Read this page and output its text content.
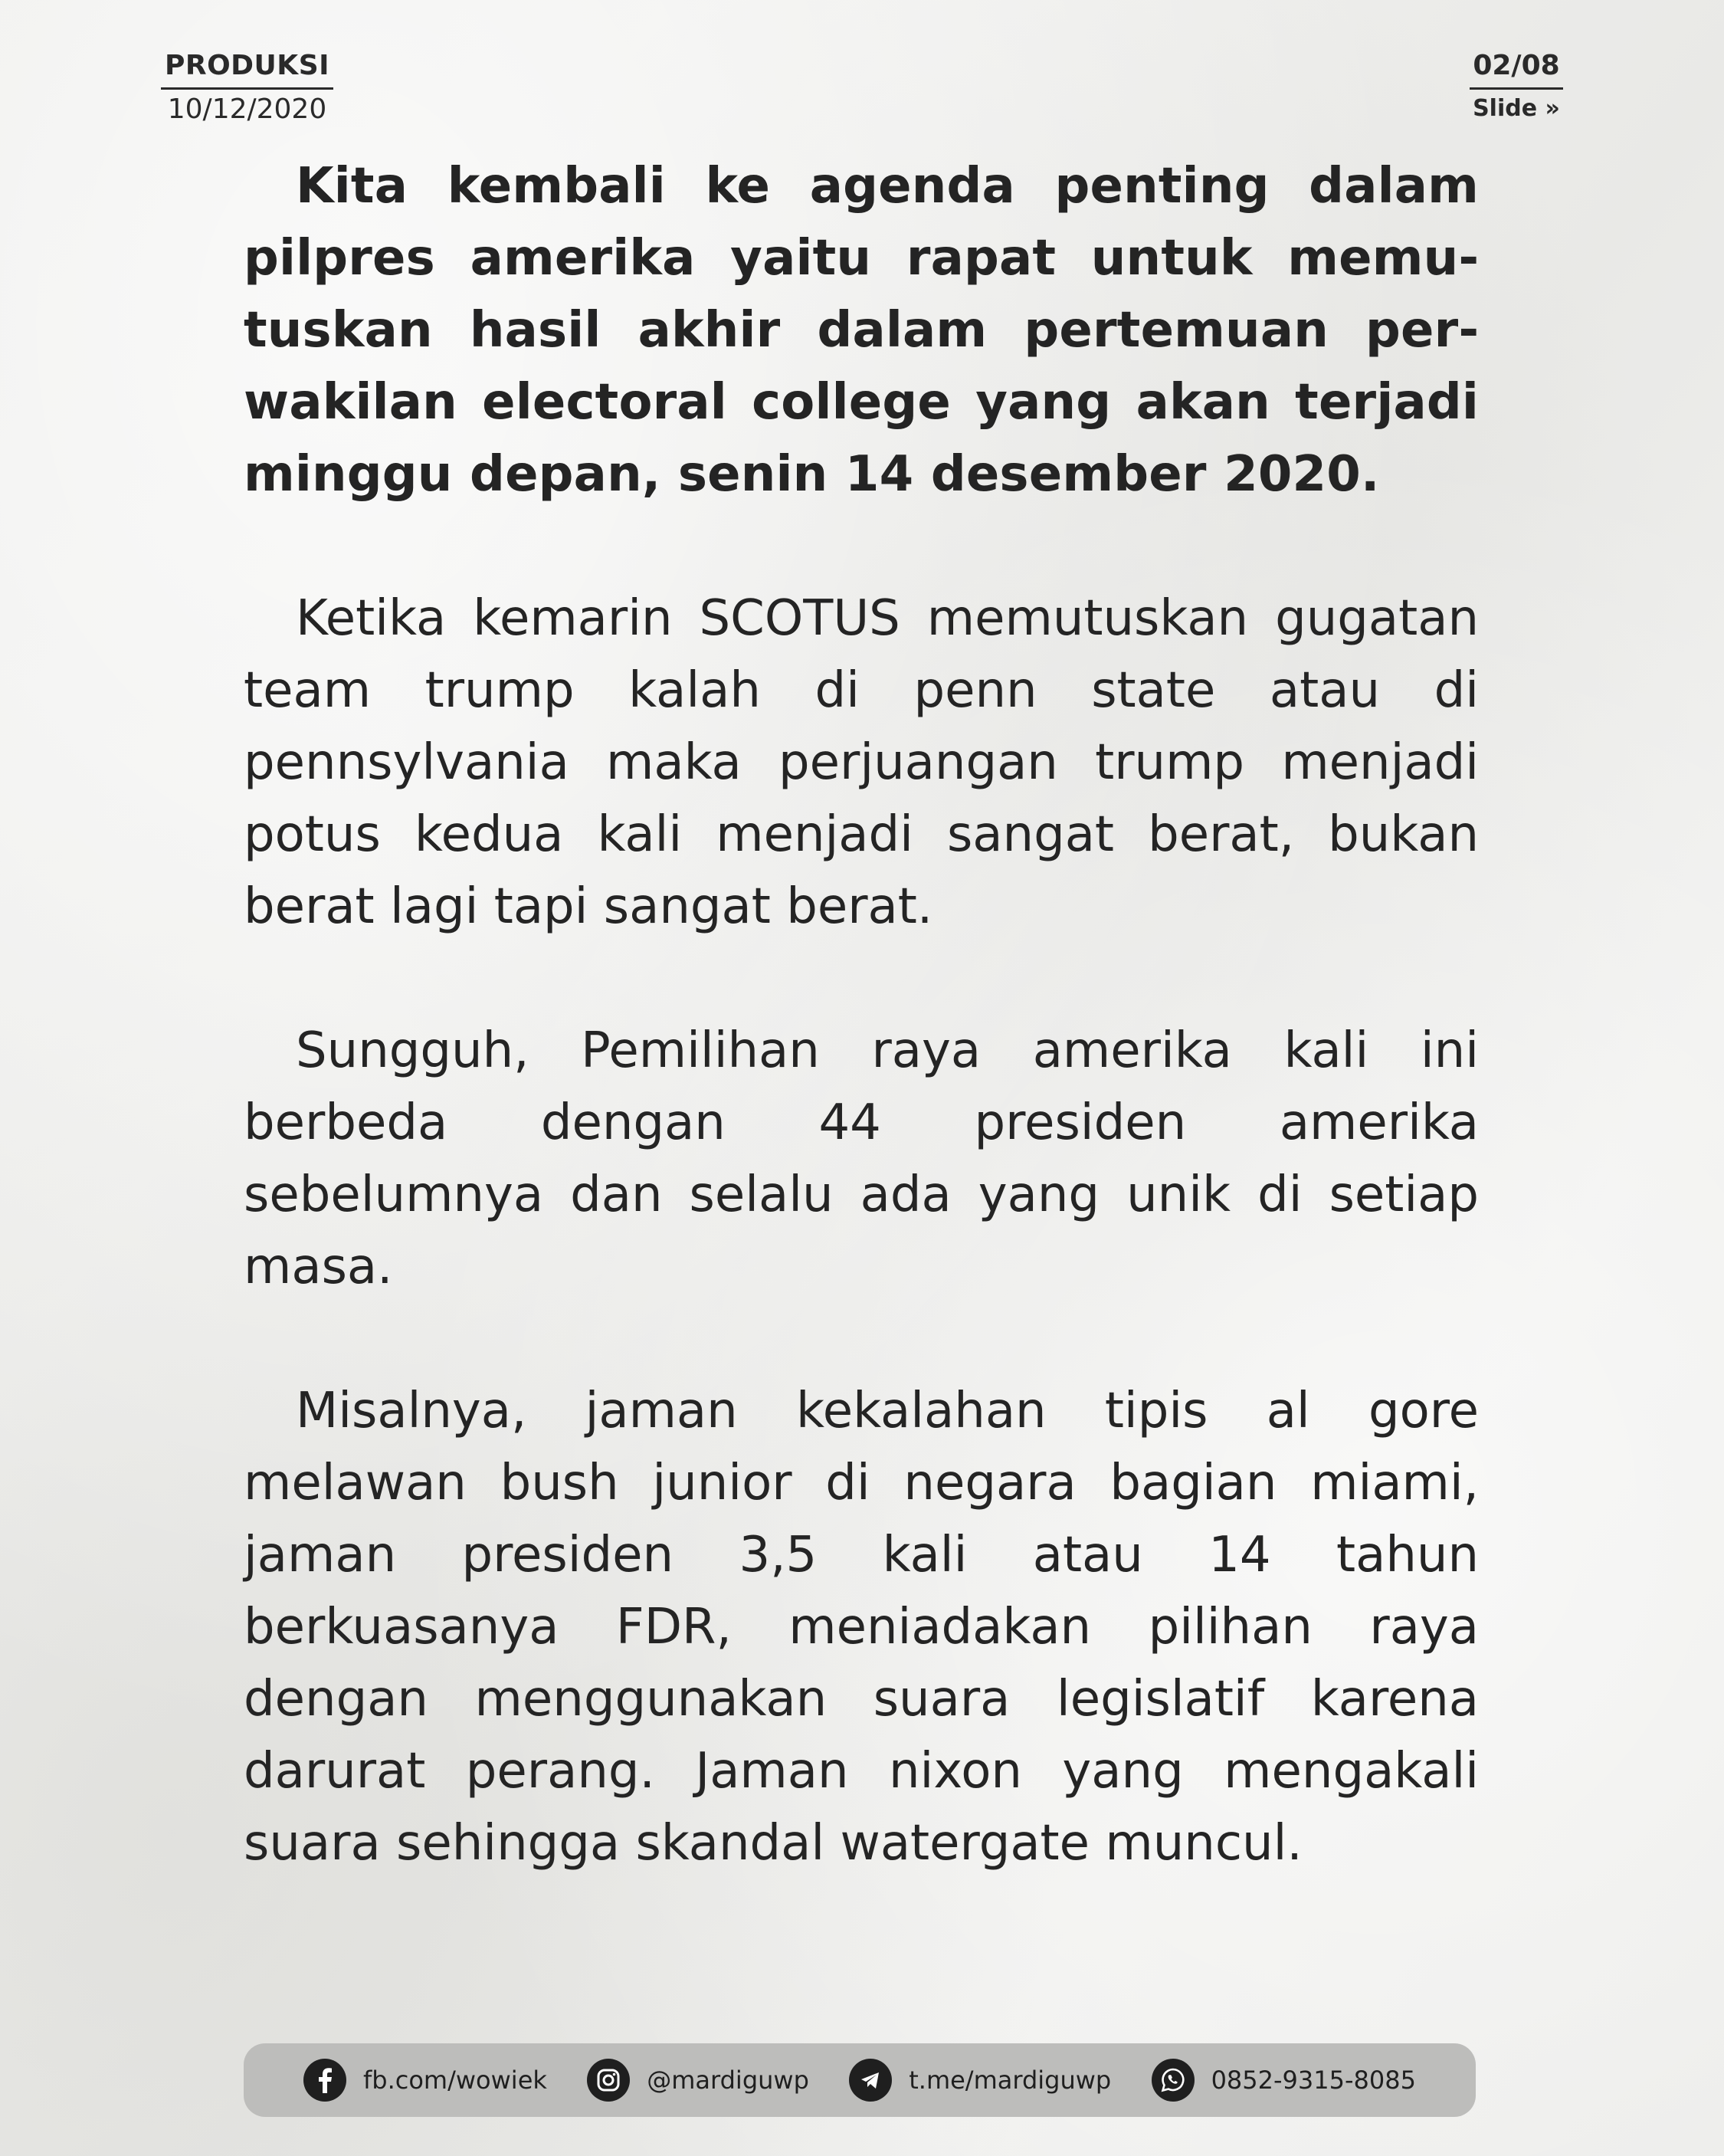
PRODUKSI
10/12/2020
02/08
Slide »

Kita kembali ke agenda penting dalam pilpres amerika yaitu rapat untuk memutuskan hasil akhir dalam pertemuan perwakilan electoral college yang akan terjadi minggu depan, senin 14 desember 2020.

Ketika kemarin SCOTUS memutuskan gugatan team trump kalah di penn state atau di pennsylvania maka perjuangan trump menjadi potus kedua kali menjadi sangat berat, bukan berat lagi tapi sangat berat.

Sungguh, Pemilihan raya amerika kali ini berbeda dengan 44 presiden amerika sebelumnya dan selalu ada yang unik di setiap masa.

Misalnya, jaman kekalahan tipis al gore melawan bush junior di negara bagian miami, jaman presiden 3,5 kali atau 14 tahun berkuasanya FDR, meniadakan pilihan raya dengan menggunakan suara legislatif karena darurat perang. Jaman nixon yang mengakali suara sehingga skandal watergate muncul.

fb.com/wowiek	@mardiguwp	t.me/mardiguwp	0852-9315-8085
